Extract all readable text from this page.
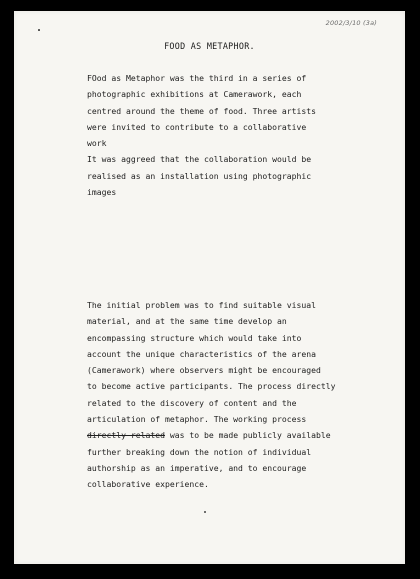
2002/3/10 (3a)
FOOD AS METAPHOR.
FOod as Metaphor was the third in a series of
photographic exhibitions at Camerawork, each
centred around the theme of food. Three artists
were invited to contribute to a collaborative
work
It was aggreed that the collaboration would be
realised as an installation using photographic
images
The initial problem was to find suitable visual
material, and at the same time develop an
encompassing structure which would take into
account the unique characteristics of the arena
(Camerawork) where observers might be encouraged
to become active participants. The process directly
related to the discovery of content and the
articulation of metaphor. The working process
directly related was to be made publicly available
further breaking down the notion of individual
authorship as an imperative, and to encourage
collaborative experience.
